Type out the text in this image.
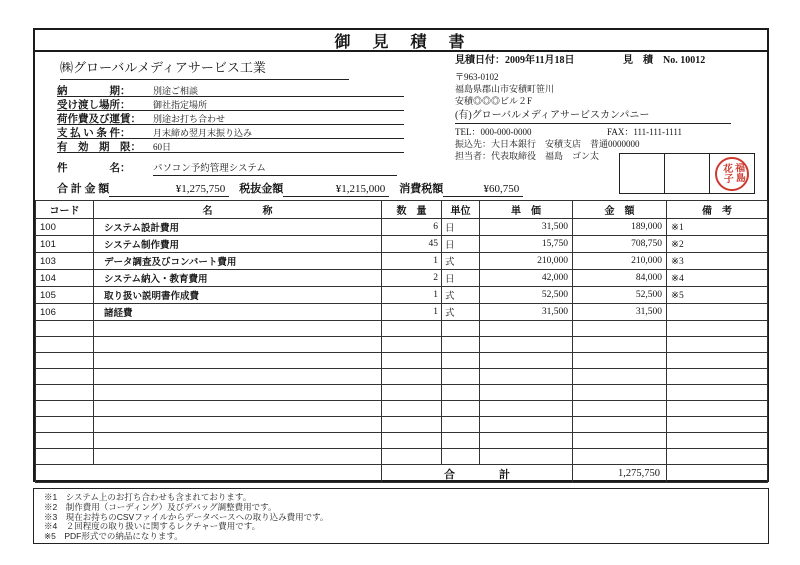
御　見　積　書
㈱グローバルメディアサービス工業
納　　　　期：	別途ご相談
受け渡し場所：	御社指定場所
荷作費及び運賃：	別途お打ち合わせ
支 払 い 条 件：	月末締め翌月末振り込み
有　効　期　限：	60日
件　　　　名： パソコン予約管理システム
合 計 金 額	¥1,275,750	税抜金額	¥1,215,000	消費税額	¥60,750
見積日付：2009年11月18日	見　積　No. 10012
〒963-0102
福島県郡山市安積町笹川
安積◎◎◎ビル２F
(有)グローバルメディアサービスカンパニー
TEL：000-000-0000	FAX：111-111-1111
振込先：大日本銀行　安積支店　普通0000000
担当者：代表取締役　福島　ゴン太
福島花子
コード	名　　　　　称	数　量	単位	単　価	金　額	備　考
100	システム設計費用	6	日	31,500	189,000	※1
101	システム制作費用	45	日	15,750	708,750	※2
103	データ調査及びコンバート費用	1	式	210,000	210,000	※3
104	システム納入・教育費用	2	日	42,000	84,000	※4
105	取り扱い説明書作成費	1	式	52,500	52,500	※5
106	諸経費	1	式	31,500	31,500	

		合　　　　計			1,275,750	
※1　システム上のお打ち合わせも含まれております。
※2　制作費用（コーディング）及びデバッグ調整費用です。
※3　現在お持ちのCSVファイルからデータベースへの取り込み費用です。
※4　２回程度の取り扱いに関するレクチャー費用です。
※5　PDF形式での納品になります。
